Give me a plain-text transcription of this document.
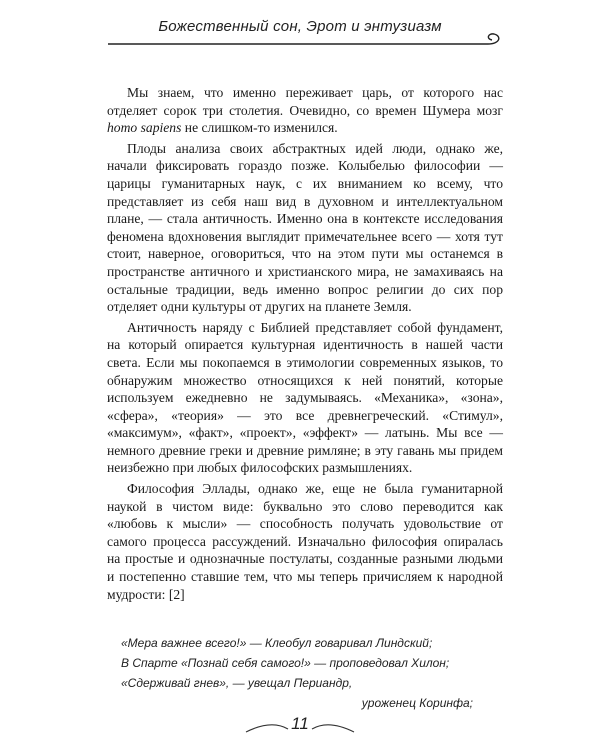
Божественный сон, Эрот и энтузиазм

Мы знаем, что именно переживает царь, от которого нас отделяет сорок три столетия. Очевидно, со времен Шумера мозг homo sapiens не слишком-то изменился.

Плоды анализа своих абстрактных идей люди, однако же, начали фиксировать гораздо позже. Колыбелью философии — царицы гуманитарных наук, с их вниманием ко всему, что представляет из себя наш вид в духовном и интеллектуальном плане, — стала античность. Именно она в контексте исследования феномена вдохновения выглядит примечательнее всего — хотя тут стоит, наверное, оговориться, что на этом пути мы останемся в пространстве античного и христианского мира, не замахиваясь на остальные традиции, ведь именно вопрос религии до сих пор отделяет одни культуры от других на планете Земля.

Античность наряду с Библией представляет собой фундамент, на который опирается культурная идентичность в нашей части света. Если мы покопаемся в этимологии современных языков, то обнаружим множество относящихся к ней понятий, которые используем ежедневно не задумываясь. «Механика», «зона», «сфера», «теория» — это все древнегреческий. «Стимул», «максимум», «факт», «проект», «эффект» — латынь. Мы все — немного древние греки и древние римляне; в эту гавань мы придем неизбежно при любых философских размышлениях.

Философия Эллады, однако же, еще не была гуманитарной наукой в чистом виде: буквально это слово переводится как «любовь к мысли» — способность получать удовольствие от самого процесса рассуждений. Изначально философия опиралась на простые и однозначные постулаты, созданные разными людьми и постепенно ставшие тем, что мы теперь причисляем к народной мудрости: [2]

«Мера важнее всего!» — Клеобул говаривал Линдский;
В Спарте «Познай себя самого!» — проповедовал Хилон;
«Сдерживай гнев», — увещал Периандр,
уроженец Коринфа;
11
